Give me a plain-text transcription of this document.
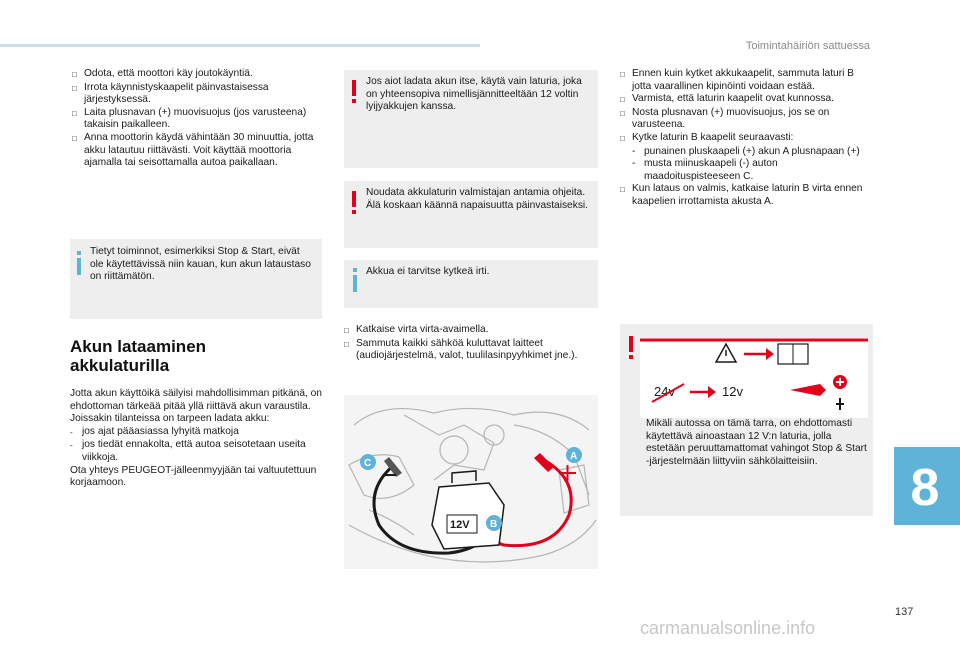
Toimintahäiriön sattuessa
□ Odota, että moottori käy joutokäyntiä.
□ Irrota käynnistyskaapelit päinvastaisessa järjestyksessä.
□ Laita plusnavan (+) muovisuojus (jos varusteena) takaisin paikalleen.
□ Anna moottorin käydä vähintään 30 minuuttia, jotta akku latautuu riittävästi. Voit käyttää moottoria ajamalla tai seisottamalla autoa paikallaan.
Tietyt toiminnot, esimerkiksi Stop & Start, eivät ole käytettävissä niin kauan, kun akun lataustaso on riittämätön.
Akun lataaminen
akkulaturilla
Jotta akun käyttöikä säilyisi mahdollisimman pitkänä, on ehdottoman tärkeää pitää yllä riittävä akun varaustila.
Joissakin tilanteissa on tarpeen ladata akku:
- jos ajat pääasiassa lyhyitä matkoja
- jos tiedät ennakolta, että autoa seisotetaan useita viikkoja.
Ota yhteys PEUGEOT-jälleenmyyjään tai valtuutettuun korjaamoon.
Jos aiot ladata akun itse, käytä vain laturia, joka on yhteensopiva nimellisjännitteeltään 12 voltin lyijyakkujen kanssa.
Noudata akkulaturin valmistajan antamia ohjeita.
Älä koskaan käännä napaisuutta päinvastaiseksi.
Akkua ei tarvitse kytkeä irti.
□ Katkaise virta virta-avaimella.
□ Sammuta kaikki sähköä kuluttavat laitteet (audiojärjestelmä, valot, tuulilasinpyyhkimet jne.).
12V
C
A
B
□ Ennen kuin kytket akkukaapelit, sammuta laturi B jotta vaarallinen kipinöinti voidaan estää.
□ Varmista, että laturin kaapelit ovat kunnossa.
□ Nosta plusnavan (+) muovisuojus, jos se on varusteena.
□ Kytke laturin B kaapelit seuraavasti:
- punainen pluskaapeli (+) akun A plusnapaan (+)
- musta miinuskaapeli (-) auton maadoituspisteeseen C.
□ Kun lataus on valmis, katkaise laturin B virta ennen kaapelien irrottamista akusta A.
24v	12v
Mikäli autossa on tämä tarra, on ehdottomasti käytettävä ainoastaan 12 V:n laturia, jolla estetään peruuttamattomat vahingot Stop & Start -järjestelmään liittyviin sähkölaitteisiin.	8
137
carmanualsonline.info
